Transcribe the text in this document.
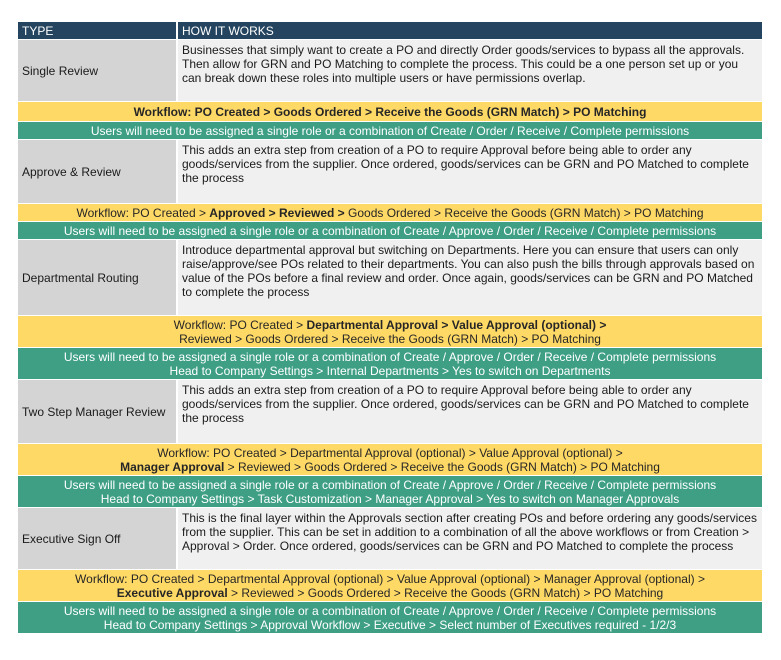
TYPE	HOW IT WORKS
Single Review
Businesses that simply want to create a PO and directly Order goods/services to bypass all the approvals. Then allow for GRN and PO Matching to complete the process. This could be a one person set up or you can break down these roles into multiple users or have permissions overlap.
Workflow: PO Created > Goods Ordered > Receive the Goods (GRN Match) > PO Matching
Users will need to be assigned a single role or a combination of Create / Order / Receive / Complete permissions
Approve & Review
This adds an extra step from creation of a PO to require Approval before being able to order any goods/services from the supplier. Once ordered, goods/services can be GRN and PO Matched to complete the process
Workflow: PO Created > Approved > Reviewed > Goods Ordered > Receive the Goods (GRN Match) > PO Matching
Users will need to be assigned a single role or a combination of Create / Approve / Order / Receive / Complete permissions
Departmental Routing
Introduce departmental approval but switching on Departments. Here you can ensure that users can only raise/approve/see POs related to their departments. You can also push the bills through approvals based on value of the POs before a final review and order. Once again, goods/services can be GRN and PO Matched to complete the process
Workflow: PO Created > Departmental Approval > Value Approval (optional) >
Reviewed > Goods Ordered > Receive the Goods (GRN Match) > PO Matching
Users will need to be assigned a single role or a combination of Create / Approve / Order / Receive / Complete permissions
Head to Company Settings > Internal Departments > Yes to switch on Departments
Two Step Manager Review
This adds an extra step from creation of a PO to require Approval before being able to order any goods/services from the supplier. Once ordered, goods/services can be GRN and PO Matched to complete the process
Workflow: PO Created > Departmental Approval (optional) > Value Approval (optional) >
Manager Approval > Reviewed > Goods Ordered > Receive the Goods (GRN Match) > PO Matching
Users will need to be assigned a single role or a combination of Create / Approve / Order / Receive / Complete permissions
Head to Company Settings > Task Customization > Manager Approval > Yes to switch on Manager Approvals
Executive Sign Off
This is the final layer within the Approvals section after creating POs and before ordering any goods/services from the supplier. This can be set in addition to a combination of all the above workflows or from Creation > Approval > Order. Once ordered, goods/services can be GRN and PO Matched to complete the process
Workflow: PO Created > Departmental Approval (optional) > Value Approval (optional) > Manager Approval (optional) >
Executive Approval > Reviewed > Goods Ordered > Receive the Goods (GRN Match) > PO Matching
Users will need to be assigned a single role or a combination of Create / Approve / Order / Receive / Complete permissions
Head to Company Settings > Approval Workflow > Executive > Select number of Executives required - 1/2/3
